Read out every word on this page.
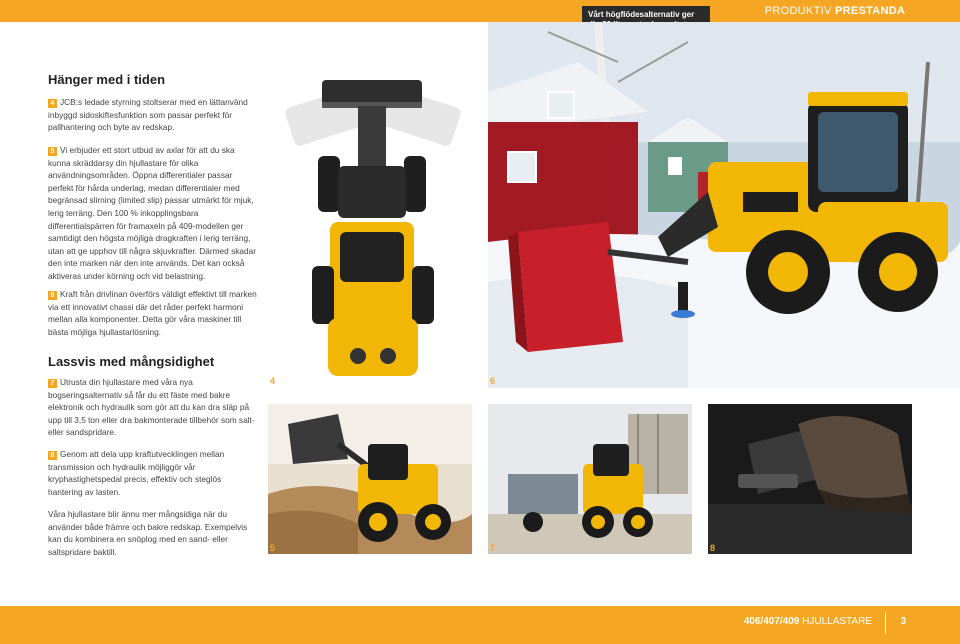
PRODUKTIV PRESTANDA
Vårt högflödesalternativ ger
Hänger med i tiden
4 JCB:s ledade styrning stoltserar med en lättanvänd inbyggd sidoskiftesfunktion som passar perfekt för pallhantering och byte av redskap.
5 Vi erbjuder ett stort utbud av axlar för att du ska kunna skräddarsy din hjullastare för olika användningsområden. Öppna differentialer passar perfekt för hårda underlag, medan differentialer med begränsad slirning (limited slip) passar utmärkt för mjuk, lerig terräng. Den 100 % inkopplingsbara differentialspärren för framaxeln på 409-modellen ger samtidigt den högsta möjliga dragkraften i lerig terräng, utan att ge upphov till några skjuvkrafter. Därmed skadar den inte marken när den inte används. Det kan också aktiveras under körning och vid belastning.
6 Kraft från drivlinan överförs väldigt effektivt till marken via ett innovativt chassi där det råder perfekt harmoni mellan alla komponenter. Detta gör våra maskiner till bästa möjliga hjullastarlösning.
Lassvis med mångsidighet
7 Utrusta din hjullastare med våra nya bogseringsalternativ så får du ett fäste med bakre elektronik och hydraulik som gör att du kan dra släp på upp till 3,5 ton eller dra bakmonterade tillbehör som salt- eller sandspridare.
8 Genom att dela upp kraftutvecklingen mellan transmission och hydraulik möjliggör vår kryphastighetspedal precis, effektiv och steglös hantering av lasten.
Våra hjullastare blir ännu mer mångsidiga när du använder både främre och bakre redskap. Exempelvis kan du kombinera en snöplog med en sand- eller saltspridare baktill.
4	6
5	7	8
406/407/409 HJULLASTARE	3
